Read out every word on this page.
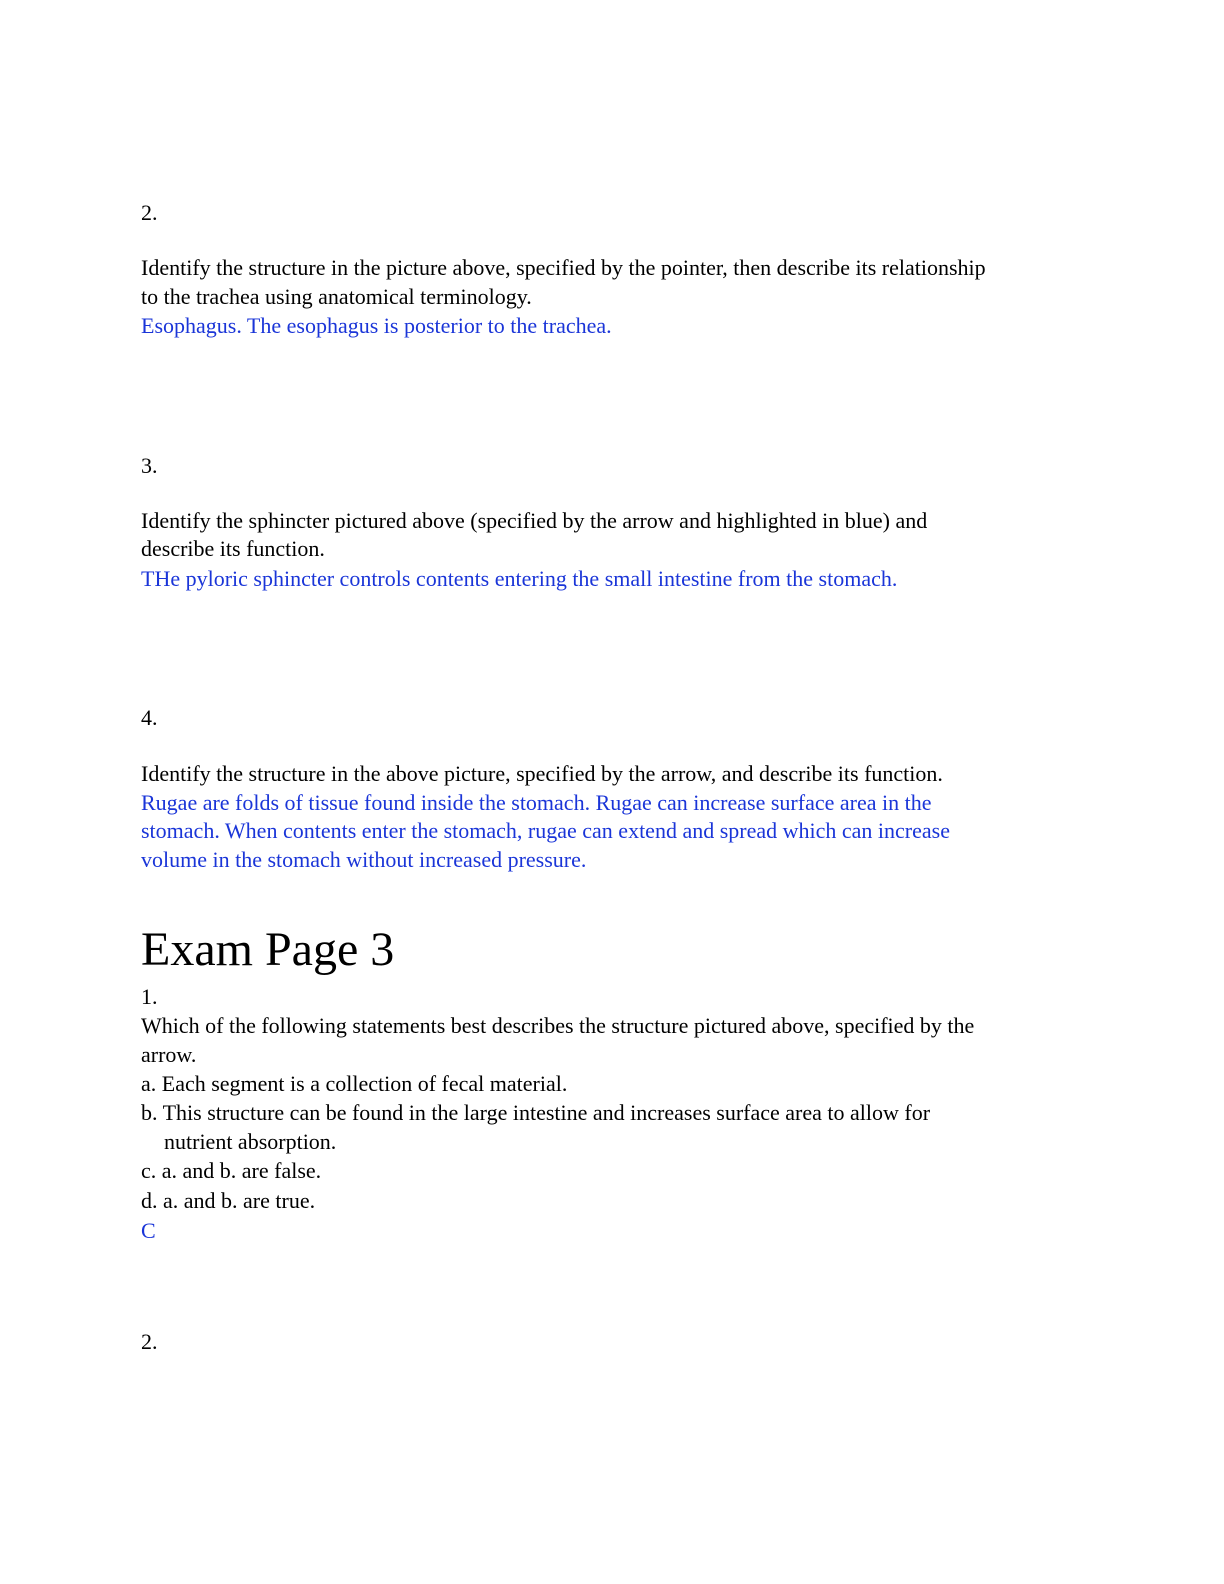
2.

Identify the structure in the picture above, specified by the pointer, then describe its relationship

to the trachea using anatomical terminology.

Esophagus. The esophagus is posterior to the trachea.

3.

Identify the sphincter pictured above (specified by the arrow and highlighted in blue) and

describe its function.

THe pyloric sphincter controls contents entering the small intestine from the stomach.

4.

Identify the structure in the above picture, specified by the arrow, and describe its function.

Rugae are folds of tissue found inside the stomach. Rugae can increase surface area in the

stomach. When contents enter the stomach, rugae can extend and spread which can increase

volume in the stomach without increased pressure.

Exam Page 3

1.

Which of the following statements best describes the structure pictured above, specified by the

arrow.

a. Each segment is a collection of fecal material.

b. This structure can be found in the large intestine and increases surface area to allow for

nutrient absorption.

c. a. and b. are false.

d. a. and b. are true.

C

2.
